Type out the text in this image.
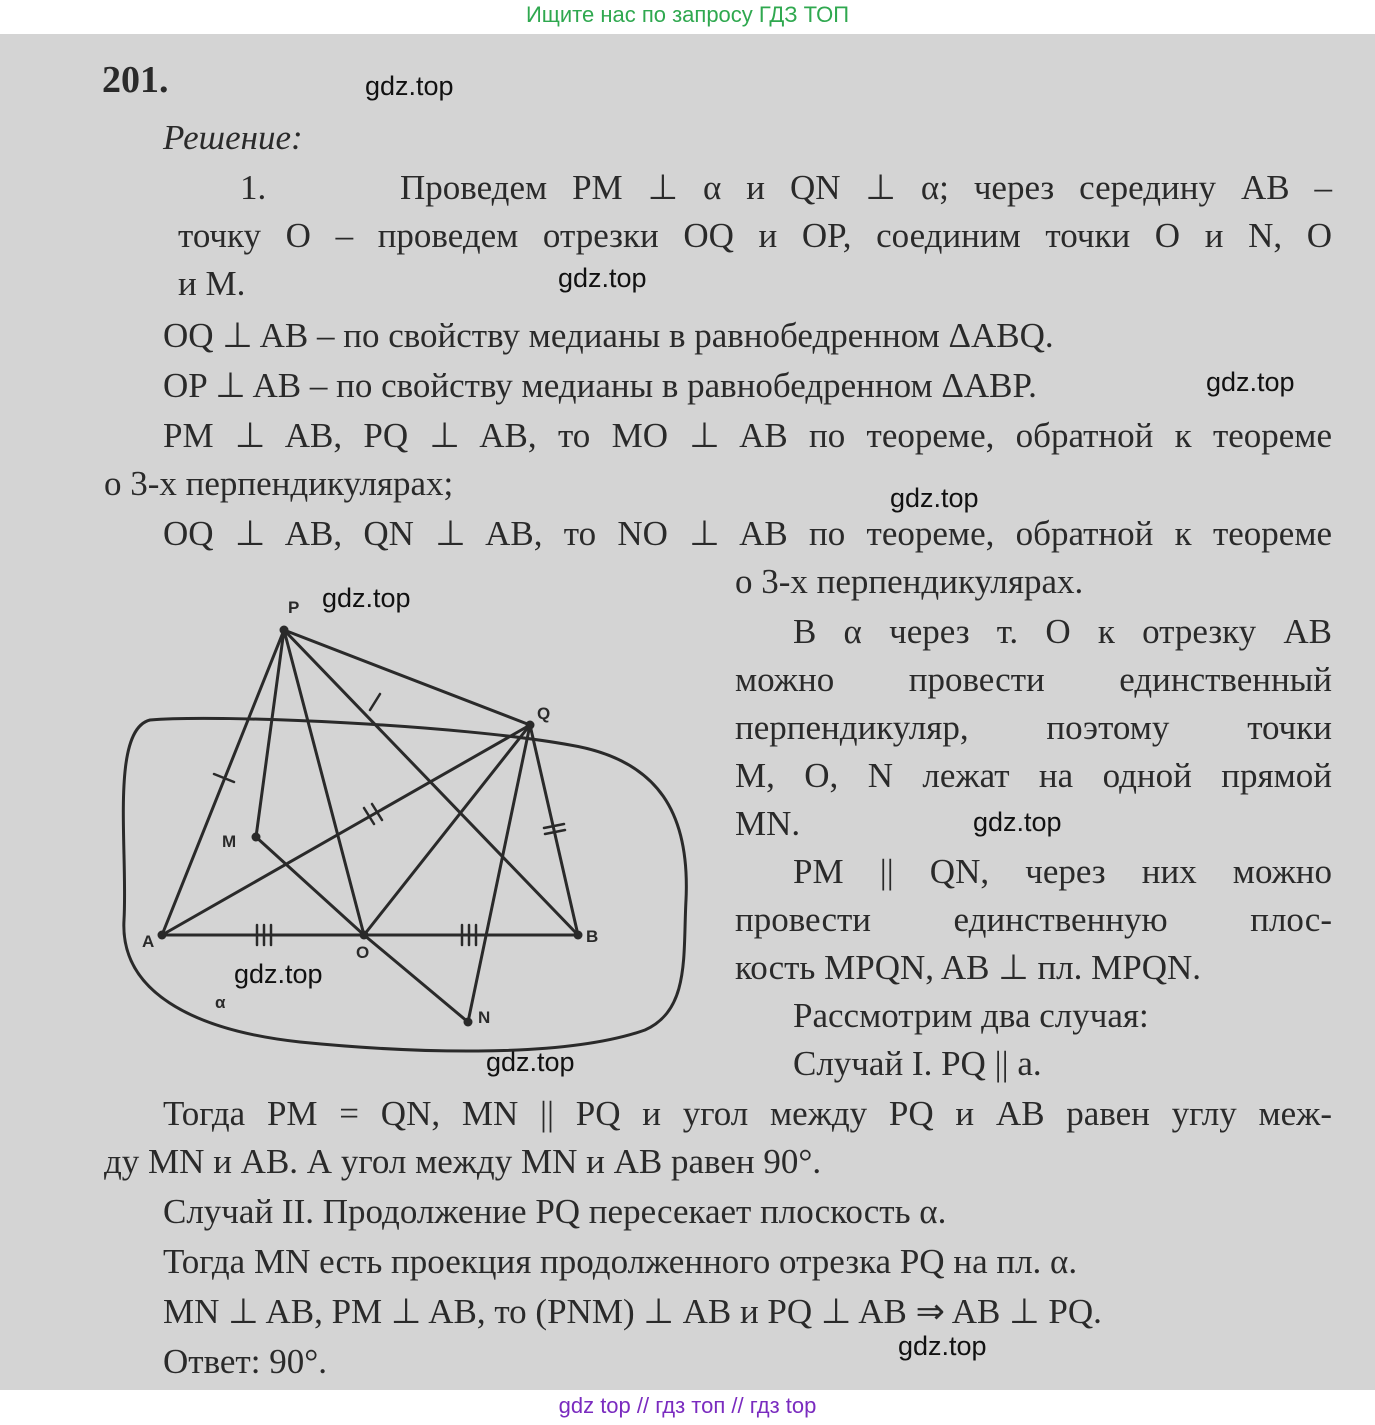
Ищите нас по запросу ГДЗ ТОП
201.
Решение:
1.	Проведем PM ⊥ α и QN ⊥ α; через середину AB –
точку O – проведем отрезки OQ и OP, соединим точки O и N, O
и M.
OQ ⊥ AB – по свойству медианы в равнобедренном ΔABQ.
OP ⊥ AB – по свойству медианы в равнобедренном ΔABP.
PM ⊥ AB, PQ ⊥ AB, то MO ⊥ AB по теореме, обратной к теореме
о 3-х перпендикулярах;
OQ ⊥ AB, QN ⊥ AB, то NO ⊥ AB по теореме, обратной к теореме
о 3-х перпендикулярах.
В α через т. O к отрезку AB
можно провести единственный
перпендикуляр, поэтому точки
M, O, N лежат на одной прямой
MN.
PM || QN, через них можно
провести единственную плос-
кость MPQN, AB ⊥ пл. MPQN.
Рассмотрим два случая:
Случай I. PQ || a.
Тогда PM = QN, MN || PQ и угол между PQ и AB равен углу меж-
ду MN и AB. А угол между MN и AB равен 90°.
Случай II. Продолжение PQ пересекает плоскость α.
Тогда MN есть проекция продолженного отрезка PQ на пл. α.
MN ⊥ AB, PM ⊥ AB, то (PNM) ⊥ AB и PQ ⊥ AB ⇒ AB ⊥ PQ.
Ответ: 90°.
P
Q
M
A
O
B
N
α
gdz.top
gdz.top
gdz.top
gdz.top
gdz.top
gdz.top
gdz.top
gdz.top
gdz.top
gdz top // гдз топ // гдз top
